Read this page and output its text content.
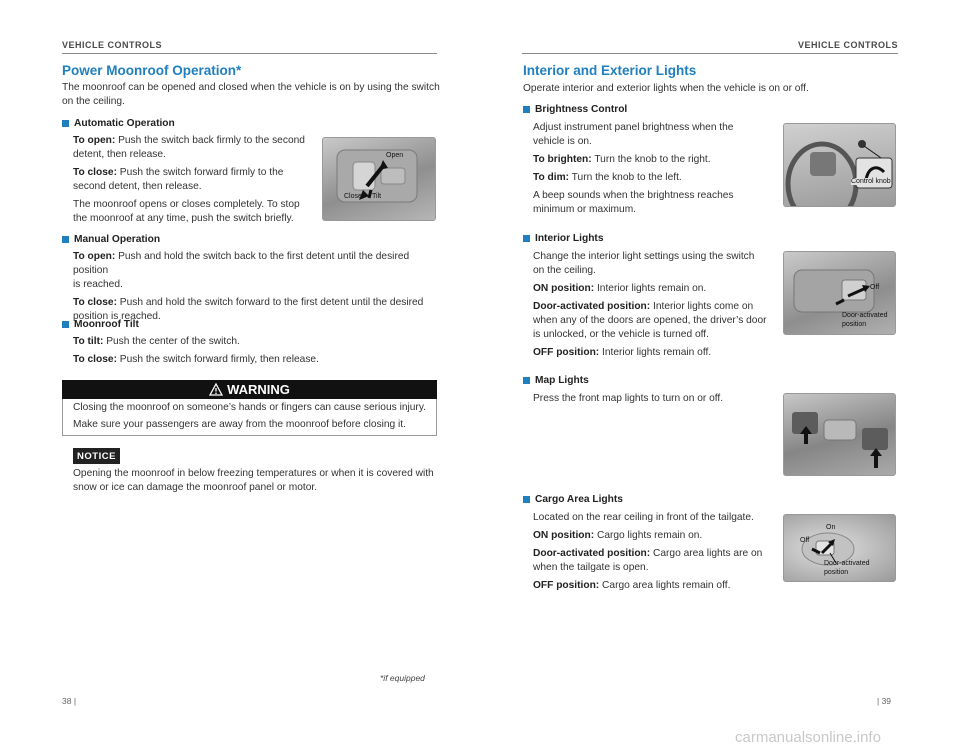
VEHICLE CONTROLS
Power Moonroof Operation*

The moonroof can be opened and closed when the vehicle is on by using the switch

on the ceiling.

Automatic Operation

To open: Push the switch back firmly to the second

detent, then release.

To close: Push the switch forward firmly to the

second detent, then release.

The moonroof opens or closes completely. To stop

the moonroof at any time, push the switch briefly.

Open
Close Tilt
Manual Operation

To open: Push and hold the switch back to the first detent until the desired position

is reached.

To close: Push and hold the switch forward to the first detent until the desired

position is reached.

Moonroof Tilt

To tilt: Push the center of the switch.

To close: Push the switch forward firmly, then release.

WARNING

Closing the moonroof on someone’s hands or fingers can cause serious injury.

Make sure your passengers are away from the moonroof before closing it.

NOTICE

Opening the moonroof in below freezing temperatures or when it is covered with

snow or ice can damage the moonroof panel or motor.

*if equipped
38 |
VEHICLE CONTROLS
Interior and Exterior Lights
Operate interior and exterior lights when the vehicle is on or off.
Brightness Control

Adjust instrument panel brightness when the

vehicle is on.

To brighten: Turn the knob to the right.

To dim: Turn the knob to the left.

A beep sounds when the brightness reaches

minimum or maximum.

Control knob
Interior Lights

Change the interior light settings using the switch

on the ceiling.

ON position: Interior lights remain on.

Door-activated position: Interior lights come on

when any of the doors are opened, the driver’s door

is unlocked, or the vehicle is turned off.

OFF position: Interior lights remain off.

Off
Door-activated
position
Map Lights
Press the front map lights to turn on or off.
Cargo Area Lights

Located on the rear ceiling in front of the tailgate.

ON position: Cargo lights remain on.

Door-activated position: Cargo area lights are on

when the tailgate is open.

OFF position: Cargo area lights remain off.

On
Off
Door-activated
position
| 39
carmanualsonline.info
